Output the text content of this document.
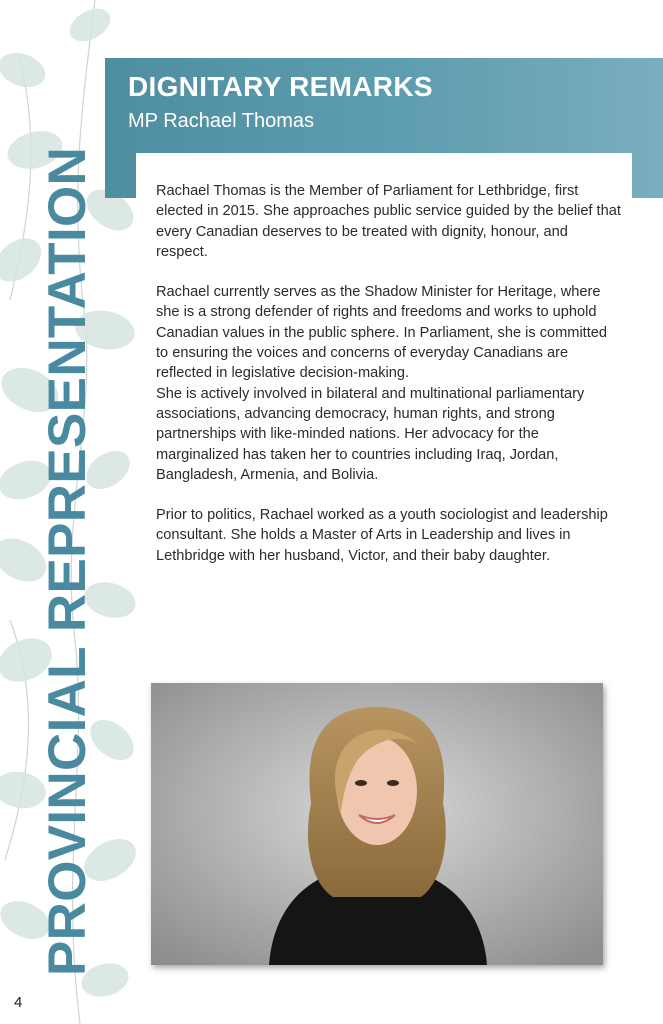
PROVINCIAL REPRESENTATION
DIGNITARY REMARKS
MP Rachael Thomas

Rachael Thomas is the Member of Parliament for Lethbridge, first elected in 2015. She approaches public service guided by the belief that every Canadian deserves to be treated with dignity, honour, and respect.

Rachael currently serves as the Shadow Minister for Heritage, where she is a strong defender of rights and freedoms and works to uphold Canadian values in the public sphere. In Parliament, she is committed to ensuring the voices and concerns of everyday Canadians are reflected in legislative decision-making.

She is actively involved in bilateral and multinational parliamentary associations, advancing democracy, human rights, and strong partnerships with like-minded nations. Her advocacy for the marginalized has taken her to countries including Iraq, Jordan, Bangladesh, Armenia, and Bolivia.

Prior to politics, Rachael worked as a youth sociologist and leadership consultant. She holds a Master of Arts in Leadership and lives in Lethbridge with her husband, Victor, and their baby daughter.

4
